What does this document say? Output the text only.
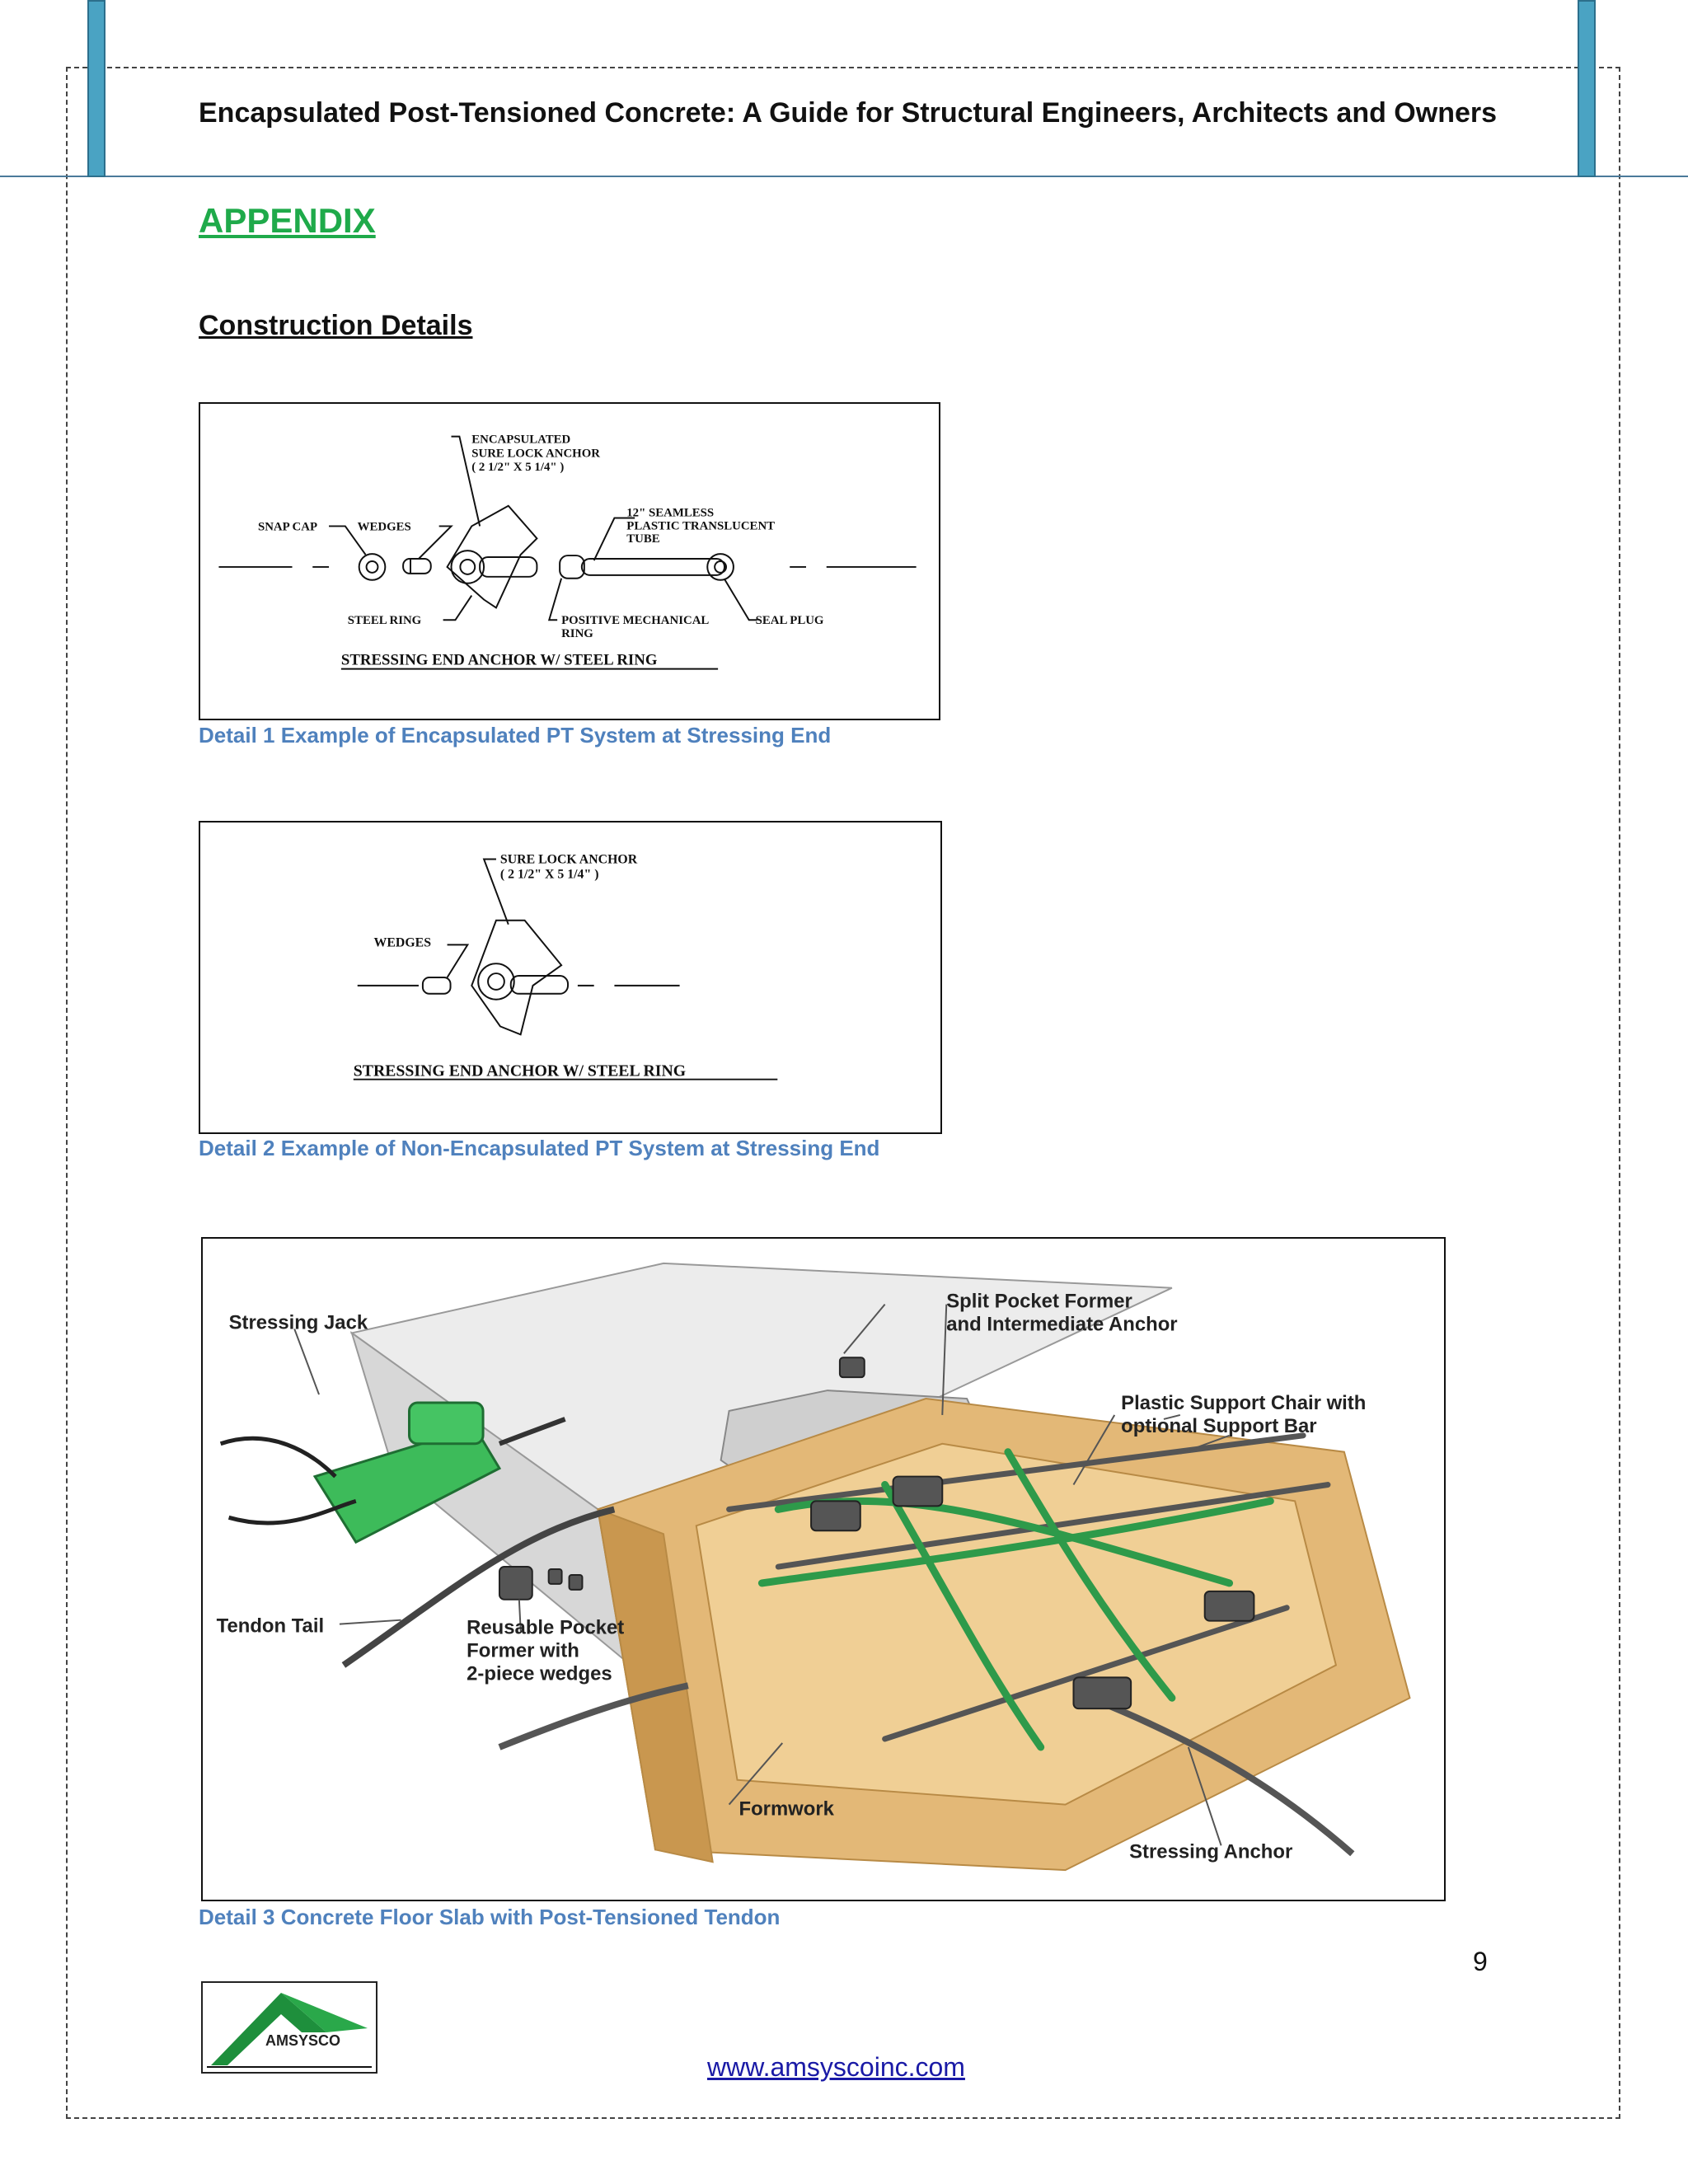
Encapsulated Post-Tensioned Concrete: A Guide for Structural Engineers, Architects and Owners
APPENDIX
Construction Details
ENCAPSULATED
SURE LOCK ANCHOR
( 2 1/2" X 5 1/4" )
SNAP CAP	WEDGES
12" SEAMLESS
PLASTIC TRANSLUCENT
TUBE
STEEL RING	POSITIVE MECHANICAL
RING
SEAL PLUG
STRESSING END ANCHOR W/ STEEL RING
Detail 1 Example of Encapsulated PT System at Stressing End
SURE LOCK ANCHOR
( 2 1/2" X 5 1/4" )
WEDGES
STRESSING END ANCHOR W/ STEEL RING
Detail 2 Example of Non-Encapsulated PT System at Stressing End
Stressing Jack
Split Pocket Former
and Intermediate Anchor
Plastic Support Chair with
optional Support Bar
Tendon Tail	Reusable Pocket
Former with
2-piece wedges
Formwork
Stressing Anchor
Detail 3 Concrete Floor Slab with Post-Tensioned Tendon
9
AMSYSCO
www.amsyscoinc.com
